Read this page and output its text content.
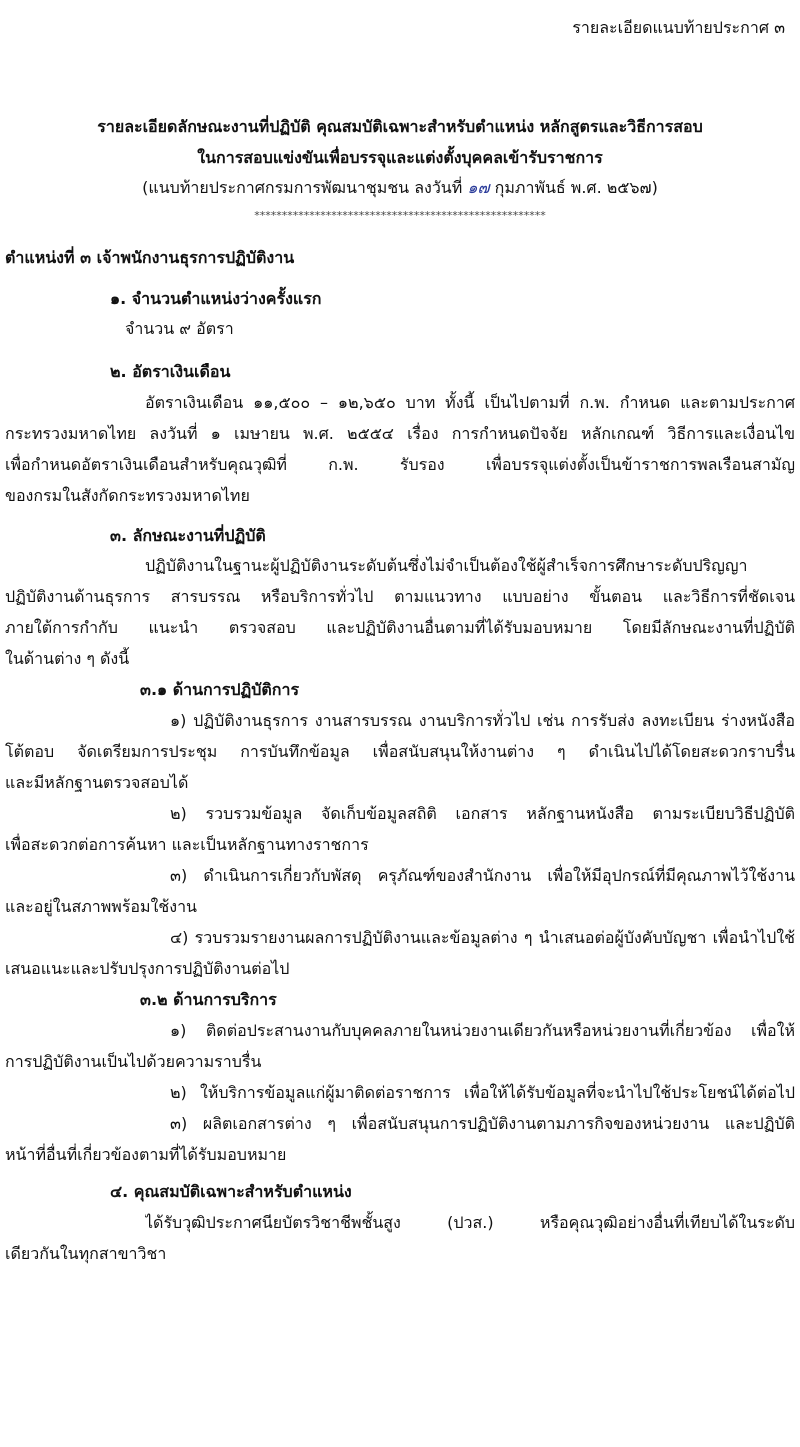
รายละเอียดแนบท้ายประกาศ ๓
รายละเอียดลักษณะงานที่ปฏิบัติ คุณสมบัติเฉพาะสำหรับตำแหน่ง หลักสูตรและวิธีการสอบ
ในการสอบแข่งขันเพื่อบรรจุและแต่งตั้งบุคคลเข้ารับราชการ
(แนบท้ายประกาศกรมการพัฒนาชุมชน ลงวันที่ ๑๗ กุมภาพันธ์ พ.ศ. ๒๕๖๗)
*****************************************************
ตำแหน่งที่ ๓ เจ้าพนักงานธุรการปฏิบัติงาน
๑. จำนวนตำแหน่งว่างครั้งแรก
จำนวน ๙ อัตรา
๒. อัตราเงินเดือน
อัตราเงินเดือน ๑๑,๕๐๐ – ๑๒,๖๕๐ บาท ทั้งนี้ เป็นไปตามที่ ก.พ. กำหนด และตามประกาศ
กระทรวงมหาดไทย ลงวันที่ ๑ เมษายน พ.ศ. ๒๕๕๔ เรื่อง การกำหนดปัจจัย หลักเกณฑ์ วิธีการและเงื่อนไข
เพื่อกำหนดอัตราเงินเดือนสำหรับคุณวุฒิที่ ก.พ. รับรอง เพื่อบรรจุแต่งตั้งเป็นข้าราชการพลเรือนสามัญ
ของกรมในสังกัดกระทรวงมหาดไทย
๓. ลักษณะงานที่ปฏิบัติ
ปฏิบัติงานในฐานะผู้ปฏิบัติงานระดับต้นซึ่งไม่จำเป็นต้องใช้ผู้สำเร็จการศึกษาระดับปริญญา
ปฏิบัติงานด้านธุรการ สารบรรณ หรือบริการทั่วไป ตามแนวทาง แบบอย่าง ขั้นตอน และวิธีการที่ชัดเจน
ภายใต้การกำกับ แนะนำ ตรวจสอบ และปฏิบัติงานอื่นตามที่ได้รับมอบหมาย โดยมีลักษณะงานที่ปฏิบัติ
ในด้านต่าง ๆ ดังนี้
๓.๑ ด้านการปฏิบัติการ
๑) ปฏิบัติงานธุรการ งานสารบรรณ งานบริการทั่วไป เช่น การรับส่ง ลงทะเบียน ร่างหนังสือ
โต้ตอบ จัดเตรียมการประชุม การบันทึกข้อมูล เพื่อสนับสนุนให้งานต่าง ๆ ดำเนินไปได้โดยสะดวกราบรื่น
และมีหลักฐานตรวจสอบได้
๒) รวบรวมข้อมูล จัดเก็บข้อมูลสถิติ เอกสาร หลักฐานหนังสือ ตามระเบียบวิธีปฏิบัติ
เพื่อสะดวกต่อการค้นหา และเป็นหลักฐานทางราชการ
๓) ดำเนินการเกี่ยวกับพัสดุ ครุภัณฑ์ของสำนักงาน เพื่อให้มีอุปกรณ์ที่มีคุณภาพไว้ใช้งาน
และอยู่ในสภาพพร้อมใช้งาน
๔) รวบรวมรายงานผลการปฏิบัติงานและข้อมูลต่าง ๆ นำเสนอต่อผู้บังคับบัญชา เพื่อนำไปใช้
เสนอแนะและปรับปรุงการปฏิบัติงานต่อไป
๓.๒ ด้านการบริการ
๑) ติดต่อประสานงานกับบุคคลภายในหน่วยงานเดียวกันหรือหน่วยงานที่เกี่ยวข้อง เพื่อให้
การปฏิบัติงานเป็นไปด้วยความราบรื่น
๒) ให้บริการข้อมูลแก่ผู้มาติดต่อราชการ เพื่อให้ได้รับข้อมูลที่จะนำไปใช้ประโยชน์ได้ต่อไป
๓) ผลิตเอกสารต่าง ๆ เพื่อสนับสนุนการปฏิบัติงานตามภารกิจของหน่วยงาน และปฏิบัติ
หน้าที่อื่นที่เกี่ยวข้องตามที่ได้รับมอบหมาย
๔. คุณสมบัติเฉพาะสำหรับตำแหน่ง
ได้รับวุฒิประกาศนียบัตรวิชาชีพชั้นสูง (ปวส.) หรือคุณวุฒิอย่างอื่นที่เทียบได้ในระดับ
เดียวกันในทุกสาขาวิชา
